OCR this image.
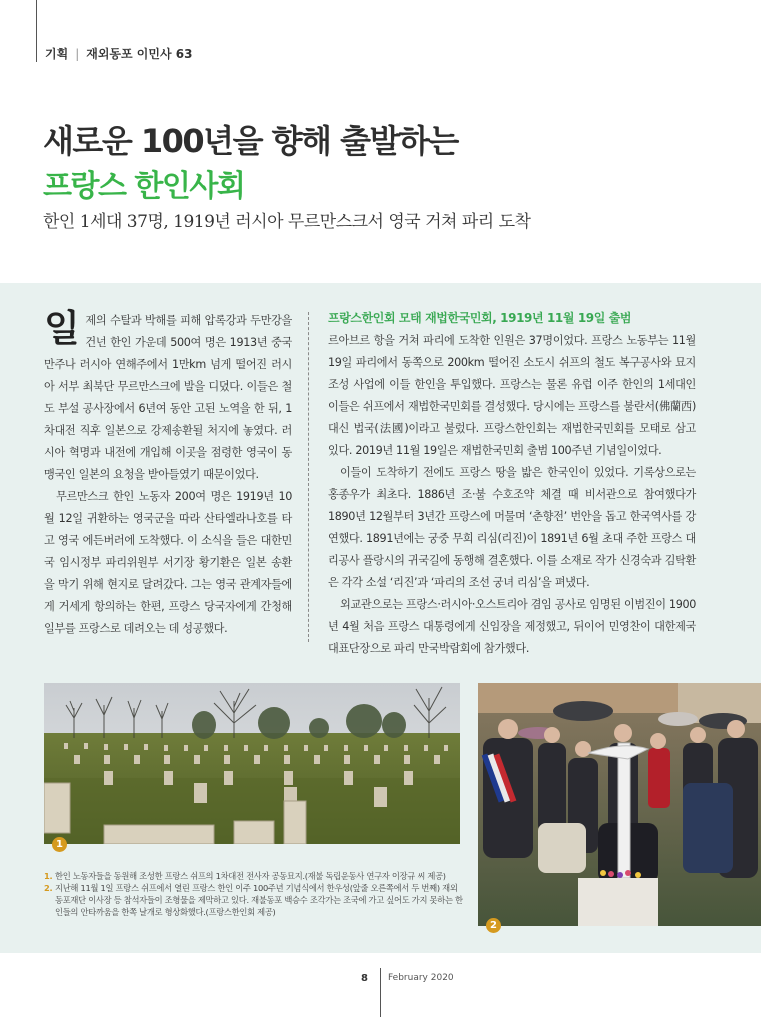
기획 | 재외동포 이민사 63
새로운 100년을 향해 출발하는
프랑스 한인사회
한인 1세대 37명, 1919년 러시아 무르만스크서 영국 거쳐 파리 도착

일제의 수탈과 박해를 피해 압록강과 두만강을 건넌 한인 가운데 500여 명은 1913년 중국 만주나 러시아 연해주에서 1만km 넘게 떨어진 러시아 서부 최북단 무르만스크에 발을 디뎠다. 이들은 철도 부설 공사장에서 6년여 동안 고된 노역을 한 뒤, 1차대전 직후 일본으로 강제송환될 처지에 놓였다. 러시아 혁명과 내전에 개입해 이곳을 점령한 영국이 동맹국인 일본의 요청을 받아들였기 때문이었다.

무르만스크 한인 노동자 200여 명은 1919년 10월 12일 귀환하는 영국군을 따라 산타엘라나호를 타고 영국 에든버러에 도착했다. 이 소식을 들은 대한민국 임시정부 파리위원부 서기장 황기환은 일본 송환을 막기 위해 현지로 달려갔다. 그는 영국 관계자들에게 거세게 항의하는 한편, 프랑스 당국자에게 간청해 일부를 프랑스로 데려오는 데 성공했다.

프랑스한인회 모태 재법한국민회, 1919년 11월 19일 출범

르아브르 항을 거쳐 파리에 도착한 인원은 37명이었다. 프랑스 노동부는 11월 19일 파리에서 동쪽으로 200km 떨어진 소도시 쉬프의 철도 복구공사와 묘지 조성 사업에 이들 한인을 투입했다. 프랑스는 물론 유럽 이주 한인의 1세대인 이들은 쉬프에서 재법한국민회를 결성했다. 당시에는 프랑스를 불란서(佛蘭西) 대신 법국(法國)이라고 불렀다. 프랑스한인회는 재법한국민회를 모태로 삼고 있다. 2019년 11월 19일은 재법한국민회 출범 100주년 기념일이었다.

이들이 도착하기 전에도 프랑스 땅을 밟은 한국인이 있었다. 기록상으로는 홍종우가 최초다. 1886년 조·불 수호조약 체결 때 비서관으로 참여했다가 1890년 12월부터 3년간 프랑스에 머물며 ‘춘향전’ 번안을 돕고 한국역사를 강연했다. 1891년에는 궁중 무희 리심(리진)이 1891년 6월 초대 주한 프랑스 대리공사 플랑시의 귀국길에 동행해 결혼했다. 이를 소재로 작가 신경숙과 김탁환은 각각 소설 ‘리진’과 ‘파리의 조선 궁녀 리심’을 펴냈다.

외교관으로는 프랑스·러시아·오스트리아 겸임 공사로 임명된 이범진이 1900년 4월 처음 프랑스 대통령에게 신임장을 제정했고, 뒤이어 민영찬이 대한제국 대표단장으로 파리 만국박람회에 참가했다.

1
2
1. 한인 노동자들을 동원해 조성한 프랑스 쉬프의 1차대전 전사자 공동묘지.(재불 독립운동사 연구자 이장규 씨 제공)
2. 지난해 11월 1일 프랑스 쉬프에서 열린 프랑스 한인 이주 100주년 기념식에서 한우성(앞줄 오른쪽에서 두 번째) 재외동포재단 이사장 등 참석자들이 조형물을 제막하고 있다. 재불동포 백승수 조각가는 조국에 가고 싶어도 가지 못하는 한인들의 안타까움을 한쪽 날개로 형상화했다.(프랑스한인회 제공)
8 February 2020
